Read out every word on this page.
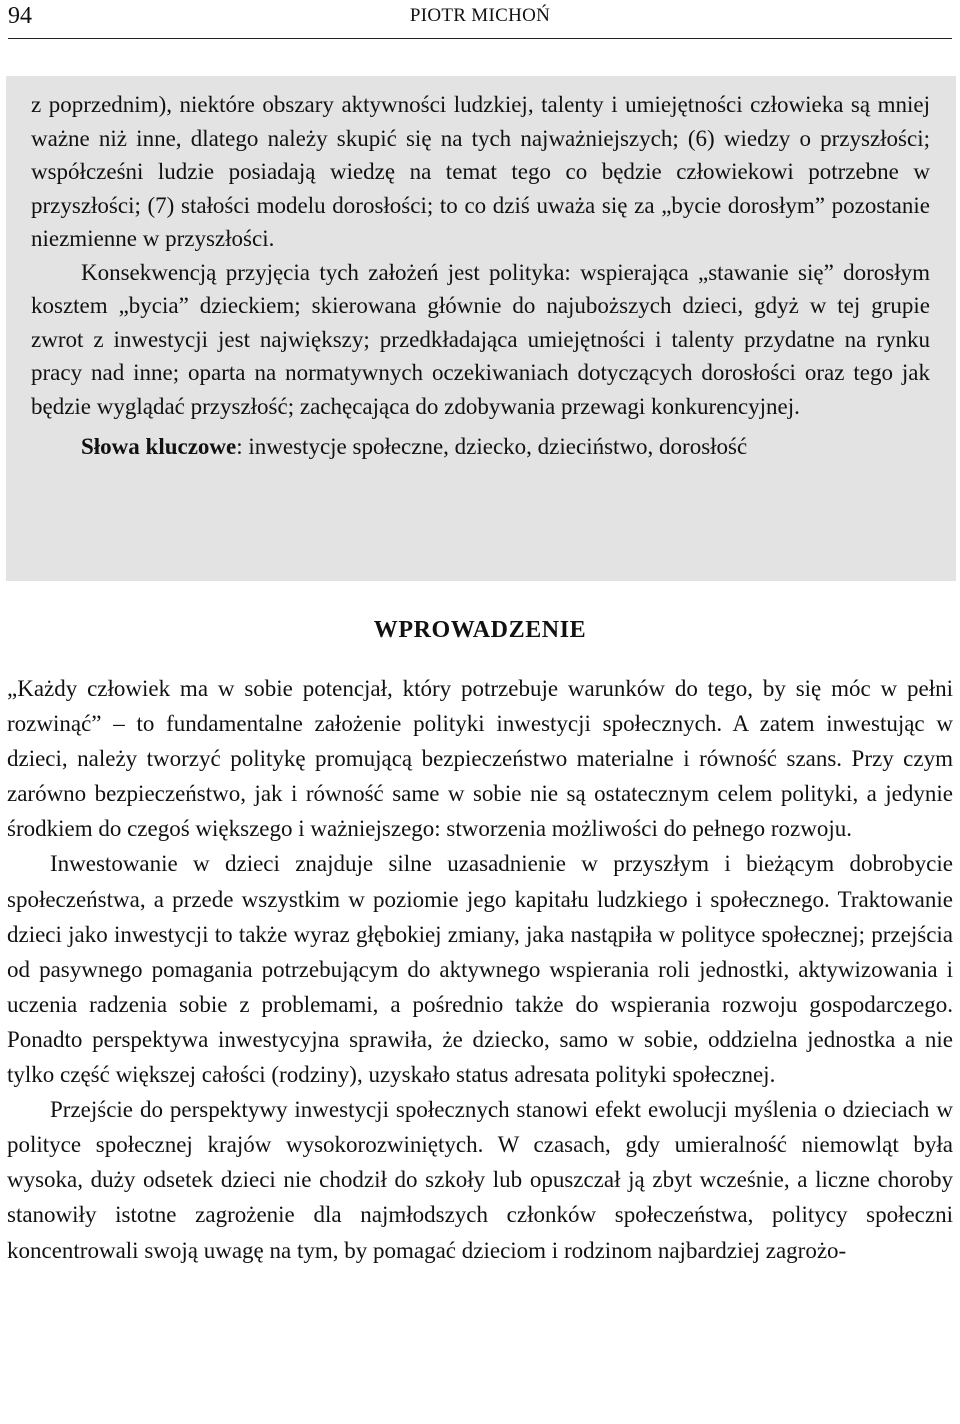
94	PIOTR MICHOŃ

z poprzednim), niektóre obszary aktywności ludzkiej, talenty i umiejętności człowieka są mniej ważne niż inne, dlatego należy skupić się na tych najważniejszych; (6) wiedzy o przyszłości; współcześni ludzie posiadają wiedzę na temat tego co będzie człowiekowi potrzebne w przyszłości; (7) stałości modelu dorosłości; to co dziś uważa się za „bycie dorosłym” pozostanie niezmienne w przyszłości.

Konsekwencją przyjęcia tych założeń jest polityka: wspierająca „stawanie się” dorosłym kosztem „bycia” dzieckiem; skierowana głównie do najuboższych dzieci, gdyż w tej grupie zwrot z inwestycji jest największy; przedkładająca umiejętności i talenty przydatne na rynku pracy nad inne; oparta na normatywnych oczekiwaniach dotyczących dorosłości oraz tego jak będzie wyglądać przyszłość; zachęcająca do zdobywania przewagi konkurencyjnej.

Słowa kluczowe: inwestycje społeczne, dziecko, dzieciństwo, dorosłość

WPROWADZENIE

„Każdy człowiek ma w sobie potencjał, który potrzebuje warunków do tego, by się móc w pełni rozwinąć” – to fundamentalne założenie polityki inwestycji społecznych. A zatem inwestując w dzieci, należy tworzyć politykę promującą bezpieczeństwo materialne i równość szans. Przy czym zarówno bezpieczeństwo, jak i równość same w sobie nie są ostatecznym celem polityki, a jedynie środkiem do czegoś większego i ważniejszego: stworzenia możliwości do pełnego rozwoju.

Inwestowanie w dzieci znajduje silne uzasadnienie w przyszłym i bieżącym dobrobycie społeczeństwa, a przede wszystkim w poziomie jego kapitału ludzkiego i społecznego. Traktowanie dzieci jako inwestycji to także wyraz głębokiej zmiany, jaka nastąpiła w polityce społecznej; przejścia od pasywnego pomagania potrzebującym do aktywnego wspierania roli jednostki, aktywizowania i uczenia radzenia sobie z problemami, a pośrednio także do wspierania rozwoju gospodarczego. Ponadto perspektywa inwestycyjna sprawiła, że dziecko, samo w sobie, oddzielna jednostka a nie tylko część większej całości (rodziny), uzyskało status adresata polityki społecznej.

Przejście do perspektywy inwestycji społecznych stanowi efekt ewolucji myślenia o dzieciach w polityce społecznej krajów wysokorozwiniętych. W czasach, gdy umieralność niemowląt była wysoka, duży odsetek dzieci nie chodził do szkoły lub opuszczał ją zbyt wcześnie, a liczne choroby stanowiły istotne zagrożenie dla najmłodszych członków społeczeństwa, politycy społeczni koncentrowali swoją uwagę na tym, by pomagać dzieciom i rodzinom najbardziej zagrożo-
